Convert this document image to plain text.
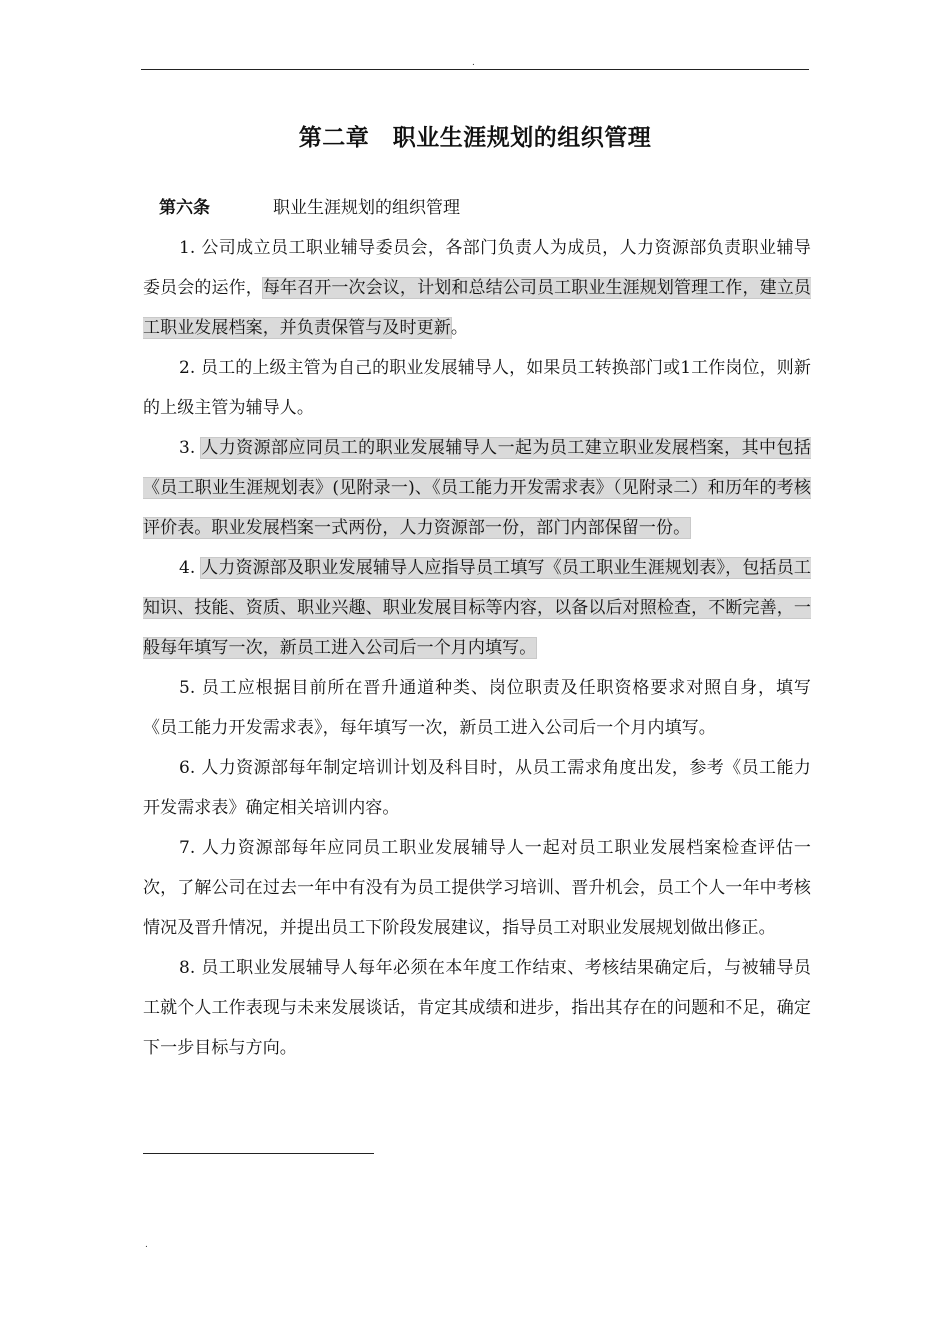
.
第二章　职业生涯规划的组织管理
第六条	职业生涯规划的组织管理
1. 公司成立员工职业辅导委员会，各部门负责人为成员，人力资源部负责职业辅导委员会的运作，每年召开一次会议，计划和总结公司员工职业生涯规划管理工作，建立员工职业发展档案，并负责保管与及时更新。
2. 员工的上级主管为自己的职业发展辅导人，如果员工转换部门或1工作岗位，则新的上级主管为辅导人。
3. 人力资源部应同员工的职业发展辅导人一起为员工建立职业发展档案，其中包括《员工职业生涯规划表》(见附录一)、《员工能力开发需求表》（见附录二）和历年的考核评价表。职业发展档案一式两份，人力资源部一份，部门内部保留一份。
4. 人力资源部及职业发展辅导人应指导员工填写《员工职业生涯规划表》，包括员工知识、技能、资质、职业兴趣、职业发展目标等内容，以备以后对照检查，不断完善，一般每年填写一次，新员工进入公司后一个月内填写。
5. 员工应根据目前所在晋升通道种类、岗位职责及任职资格要求对照自身，填写《员工能力开发需求表》，每年填写一次，新员工进入公司后一个月内填写。
6. 人力资源部每年制定培训计划及科目时，从员工需求角度出发，参考《员工能力开发需求表》确定相关培训内容。
7. 人力资源部每年应同员工职业发展辅导人一起对员工职业发展档案检查评估一次，了解公司在过去一年中有没有为员工提供学习培训、晋升机会，员工个人一年中考核情况及晋升情况，并提出员工下阶段发展建议，指导员工对职业发展规划做出修正。
8. 员工职业发展辅导人每年必须在本年度工作结束、考核结果确定后，与被辅导员工就个人工作表现与未来发展谈话，肯定其成绩和进步，指出其存在的问题和不足，确定下一步目标与方向。
.
